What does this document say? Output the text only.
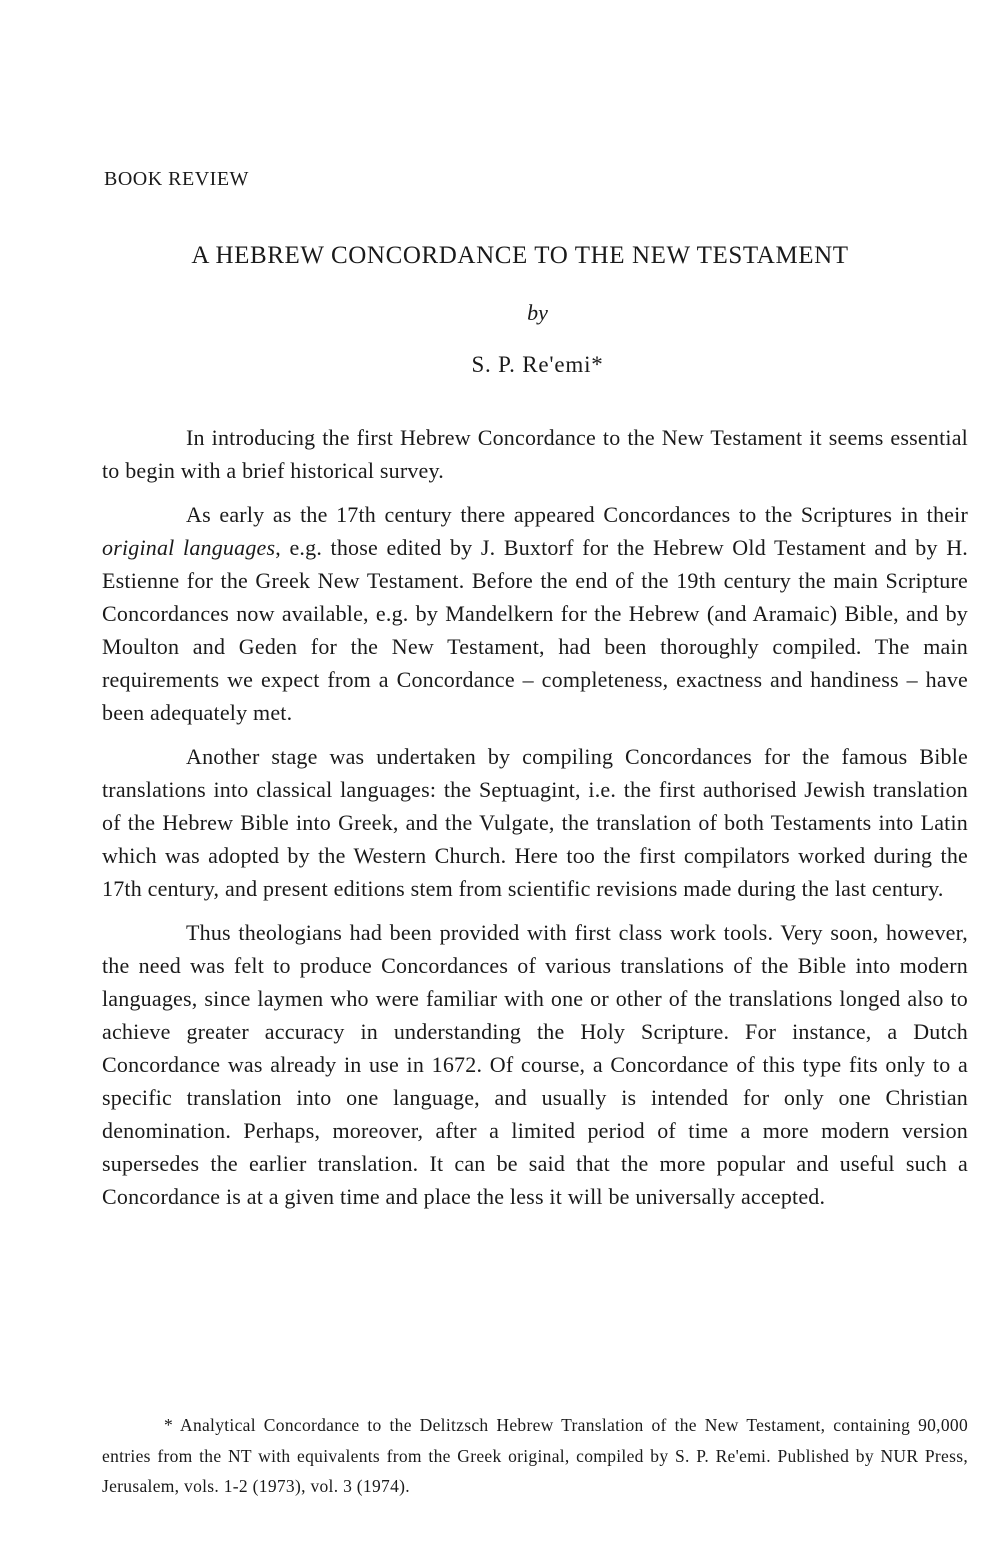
BOOK REVIEW
A HEBREW CONCORDANCE TO THE NEW TESTAMENT
by
S. P. Re'emi*

In introducing the first Hebrew Concordance to the New Testament it seems essential to begin with a brief historical survey.

As early as the 17th century there appeared Concordances to the Scriptures in their original languages, e.g. those edited by J. Buxtorf for the Hebrew Old Testament and by H. Estienne for the Greek New Testament. Before the end of the 19th century the main Scripture Concordances now available, e.g. by Mandelkern for the Hebrew (and Aramaic) Bible, and by Moulton and Geden for the New Testament, had been thoroughly compiled. The main requirements we expect from a Concordance – completeness, exactness and handiness – have been adequately met.

Another stage was undertaken by compiling Concordances for the famous Bible translations into classical languages: the Septuagint, i.e. the first authorised Jewish translation of the Hebrew Bible into Greek, and the Vulgate, the translation of both Testaments into Latin which was adopted by the Western Church. Here too the first compilators worked during the 17th century, and present editions stem from scientific revisions made during the last century.

Thus theologians had been provided with first class work tools. Very soon, however, the need was felt to produce Concordances of various translations of the Bible into modern languages, since laymen who were familiar with one or other of the translations longed also to achieve greater accuracy in understanding the Holy Scripture. For instance, a Dutch Concordance was already in use in 1672. Of course, a Concordance of this type fits only to a specific translation into one language, and usually is intended for only one Christian denomination. Perhaps, moreover, after a limited period of time a more modern version supersedes the earlier translation. It can be said that the more popular and useful such a Concordance is at a given time and place the less it will be universally accepted.

* Analytical Concordance to the Delitzsch Hebrew Translation of the New Testament, containing 90,000 entries from the NT with equivalents from the Greek original, compiled by S. P. Re'emi. Published by NUR Press, Jerusalem, vols. 1-2 (1973), vol. 3 (1974).
